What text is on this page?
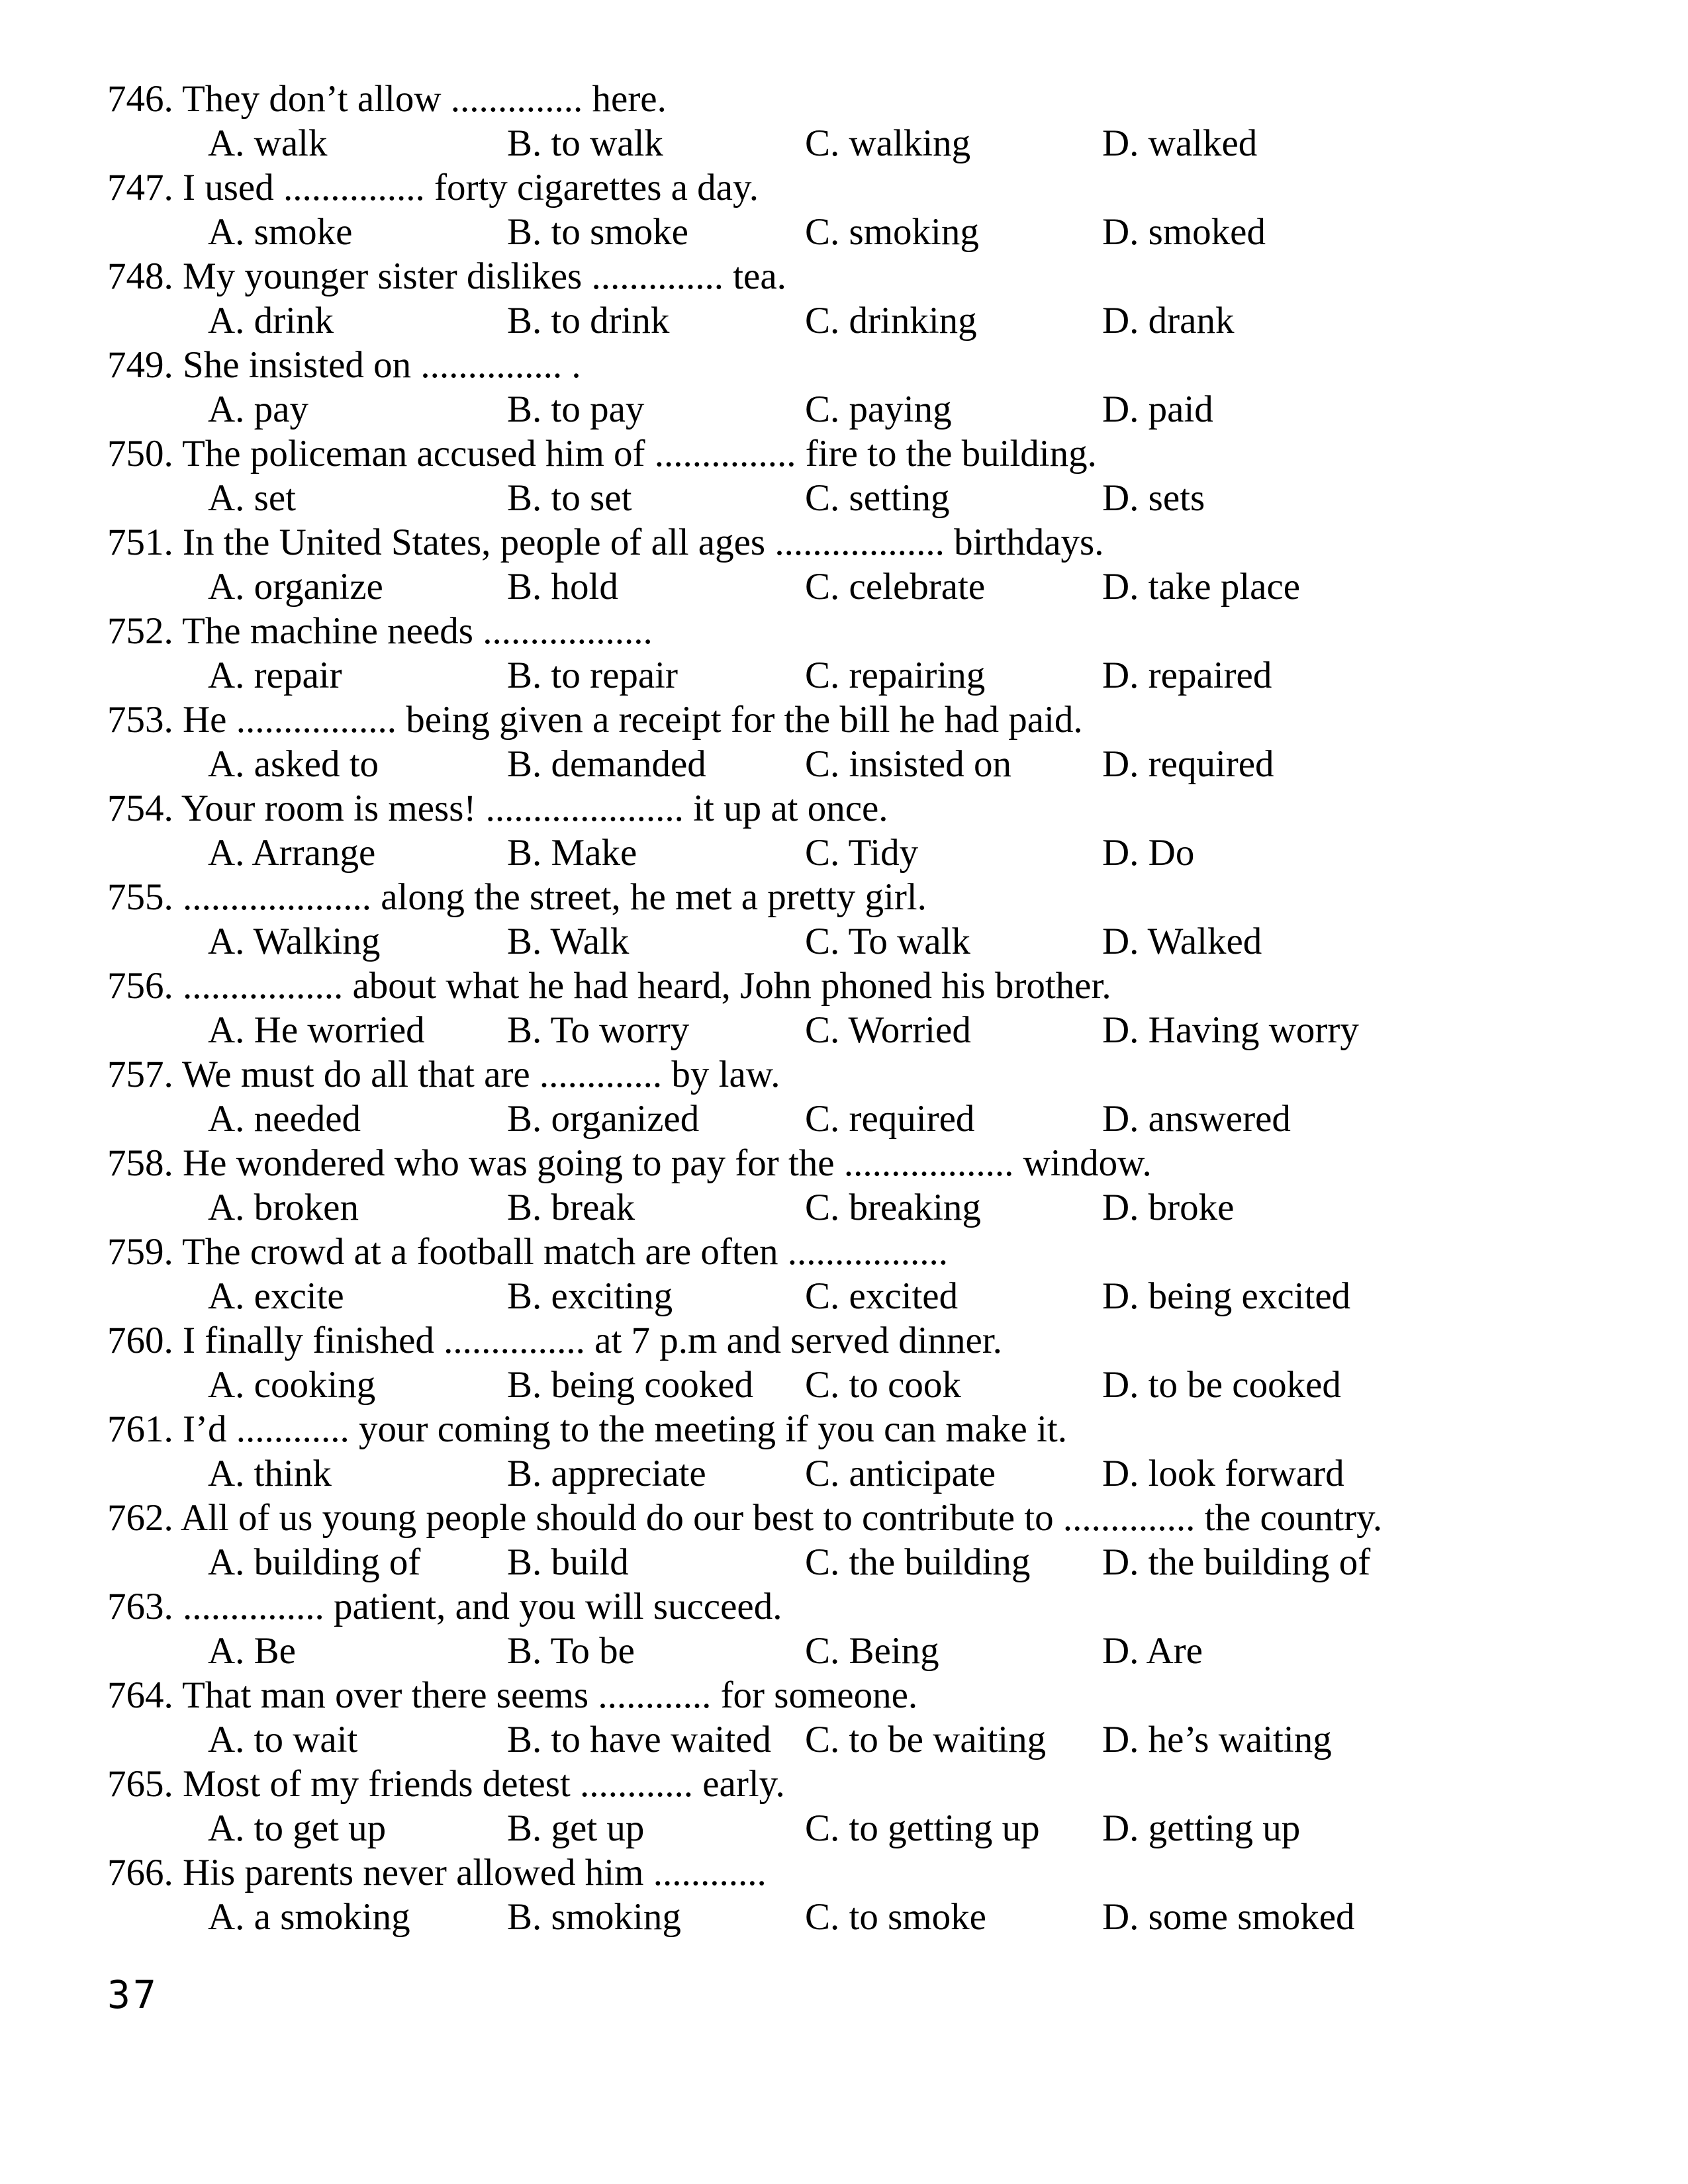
746. They don’t allow .............. here.
A. walk	B. to walk	C. walking	D. walked
747. I used ............... forty cigarettes a day.
A. smoke	B. to smoke	C. smoking	D. smoked
748. My younger sister dislikes .............. tea.
A. drink	B. to drink	C. drinking	D. drank
749. She insisted on ............... .
A. pay	B. to pay	C. paying	D. paid
750. The policeman accused him of ............... fire to the building.
A. set	B. to set	C. setting	D. sets
751. In the United States, people of all ages .................. birthdays.
A. organize	B. hold	C. celebrate	D. take place
752. The machine needs ..................
A. repair	B. to repair	C. repairing	D. repaired
753. He ................. being given a receipt for the bill he had paid.
A. asked to	B. demanded	C. insisted on D. required
754. Your room is mess! ..................... it up at once.
A. Arrange	B. Make	C. Tidy	D. Do
755. .................... along the street, he met a pretty girl.
A. Walking	B. Walk	C. To walk	D. Walked
756. ................. about what he had heard, John phoned his brother.
A. He worried B. To worry	C. Worried	D. Having worry
757. We must do all that are ............. by law.
A. needed	B. organized	C. required	D. answered
758. He wondered who was going to pay for the .................. window.
A. broken	B. break	C. breaking	D. broke
759. The crowd at a football match are often .................
A. excite	B. exciting	C. excited	D. being excited
760. I finally finished ............... at 7 p.m and served dinner.
A. cooking	B. being cooked C. to cook	D. to be cooked
761. I’d ............ your coming to the meeting if you can make it.
A. think	B. appreciate	C. anticipate	D. look forward
762. All of us young people should do our best to contribute to .............. the country.
A. building of B. build	C. the building D. the building of
763. ............... patient, and you will succeed.
A. Be	B. To be	C. Being	D. Are
764. That man over there seems ............ for someone.
A. to wait	B. to have waited C. to be waiting D. he’s waiting
765. Most of my friends detest ............ early.
A. to get up	B. get up	C. to getting up D. getting up
766. His parents never allowed him ............
A. a smoking	B. smoking	C. to smoke	D. some smoked
37
